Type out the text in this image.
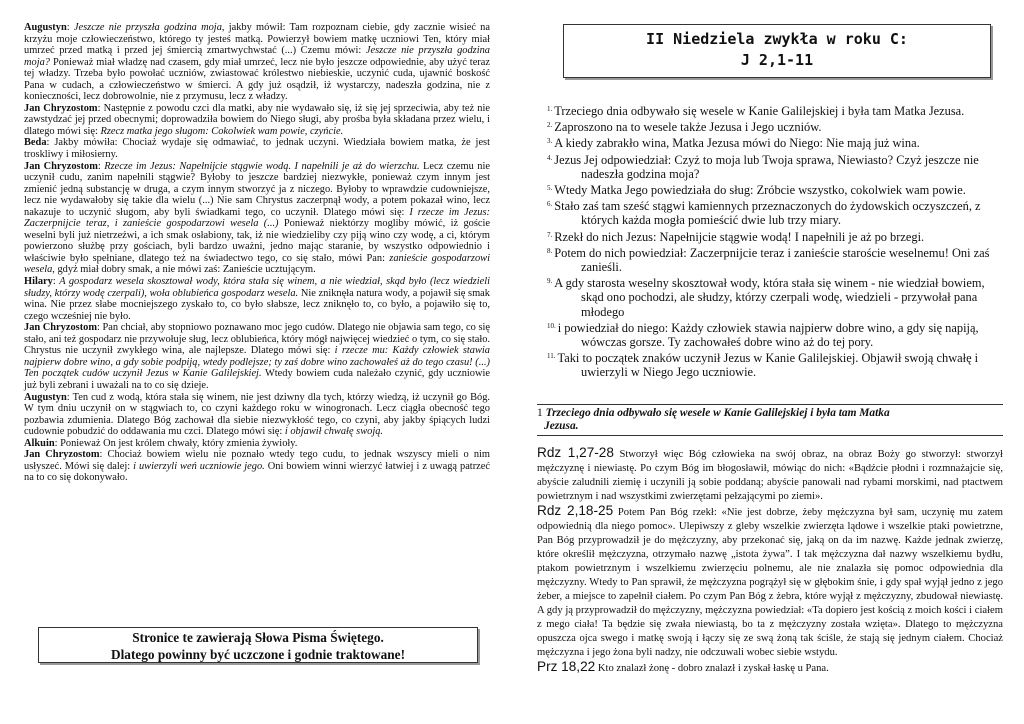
Augustyn: Jeszcze nie przyszła godzina moja, jakby mówił: Tam rozpoznam ciebie, gdy zacznie wisieć na krzyżu moje człowieczeństwo, którego ty jesteś matką. Powierzył bowiem matkę uczniowi Ten, który miał umrzeć przed matką i przed jej śmiercią zmartwychwstać (...) Czemu mówi: Jeszcze nie przyszła godzina moja? Ponieważ miał władzę nad czasem, gdy miał umrzeć, lecz nie było jeszcze odpowiednie, aby użyć teraz tej władzy. Trzeba było powołać uczniów, zwiastować królestwo niebieskie, uczynić cuda, ujawnić boskość Pana w cudach, a człowieczeństwo w śmierci. A gdy już osądził, iż wystarczy, nadeszła godzina, nie z konieczności, lecz dobrowolnie, nie z przymusu, lecz z władzy.

Jan Chryzostom: Następnie z powodu czci dla matki, aby nie wydawało się, iż się jej sprzeciwia, aby też nie zawstydzać jej przed obecnymi; doprowadziła bowiem do Niego sługi, aby prośba była składana przez wielu, i dlatego mówi się: Rzecz matka jego sługom: Cokolwiek wam powie, czyńcie.

Beda: Jakby mówiła: Chociaż wydaje się odmawiać, to jednak uczyni. Wiedziała bowiem matka, że jest troskliwy i miłosierny.

Jan Chryzostom: Rzecze im Jezus: Napełnijcie stągwie wodą. I napełnili je aż do wierzchu. Lecz czemu nie uczynił cudu, zanim napełnili stągwie? Byłoby to jeszcze bardziej niezwykłe, ponieważ czym innym jest zmienić jedną substancję w druga, a czym innym stworzyć ja z niczego. Byłoby to wprawdzie cudowniejsze, lecz nie wydawałoby się takie dla wielu (...) Nie sam Chrystus zaczerpnął wody, a potem pokazał wino, lecz nakazuje to uczynić sługom, aby byli świadkami tego, co uczynił. Dlatego mówi się: I rzecze im Jezus: Zaczerpnijcie teraz, i zanieście gospodarzowi wesela (...) Ponieważ niektórzy mogliby mówić, iż goście weselni byli już nietrzeźwi, a ich smak osłabiony, tak, iż nie wiedzieliby czy piją wino czy wodę, a ci, którym powierzono służbę przy gościach, byli bardzo uważni, jedno mając staranie, by wszystko odpowiednio i właściwie było spełniane, dlatego też na świadectwo tego, co się stało, mówi Pan: zanieście gospodarzowi wesela, gdyż miał dobry smak, a nie mówi zaś: Zanieście ucztującym.

Hilary: A gospodarz wesela skosztował wody, która stała się winem, a nie wiedział, skąd było (lecz wiedzieli słudzy, którzy wodę czerpali), woła oblubieńca gospodarz wesela. Nie zniknęła natura wody, a pojawił się smak wina. Nie przez słabe mocniejszego zyskało to, co było słabsze, lecz zniknęło to, co było, a pojawiło się to, czego wcześniej nie było.

Jan Chryzostom: Pan chciał, aby stopniowo poznawano moc jego cudów. Dlatego nie objawia sam tego, co się stało, ani też gospodarz nie przywołuje sług, lecz oblubieńca, który mógł najwięcej wiedzieć o tym, co się stało. Chrystus nie uczynił zwykłego wina, ale najlepsze. Dlatego mówi się: i rzecze mu: Każdy człowiek stawia najpierw dobre wino, a gdy sobie podpiją, wtedy podlejsze; ty zaś dobre wino zachowałeś aż do tego czasu! (...) Ten początek cudów uczynił Jezus w Kanie Galilejskiej. Wtedy bowiem cuda należało czynić, gdy uczniowie już byli zebrani i uważali na to co się dzieje.

Augustyn: Ten cud z wodą, która stała się winem, nie jest dziwny dla tych, którzy wiedzą, iż uczynił go Bóg. W tym dniu uczynił on w stągwiach to, co czyni każdego roku w winogronach. Lecz ciągła obecność tego pozbawia zdumienia. Dlatego Bóg zachował dla siebie niezwykłość tego, co czyni, aby jakby śpiących ludzi cudownie pobudzić do oddawania mu czci. Dlatego mówi się: i objawił chwałę swoją.

Alkuin: Ponieważ On jest królem chwały, który zmienia żywioły.

Jan Chryzostom: Chociaż bowiem wielu nie poznało wtedy tego cudu, to jednak wszyscy mieli o nim usłyszeć. Mówi się dalej: i uwierzyli weń uczniowie jego. Oni bowiem winni wierzyć łatwiej i z uwagą patrzeć na to co się dokonywało.

Stronice te zawierają Słowa Pisma Świętego.
Dlatego powinny być uczczone i godnie traktowane!
II Niedziela zwykła w roku C:
J 2,1-11

$^{1.}$ Trzeciego dnia odbywało się wesele w Kanie Galilejskiej i była tam Matka Jezusa.

$^{2.}$ Zaproszono na to wesele także Jezusa i Jego uczniów.

$^{3.}$ A kiedy zabrakło wina, Matka Jezusa mówi do Niego: Nie mają już wina.

$^{4.}$ Jezus Jej odpowiedział: Czyż to moja lub Twoja sprawa, Niewiasto? Czyż jeszcze nie nadeszła godzina moja?

$^{5.}$ Wtedy Matka Jego powiedziała do sług: Zróbcie wszystko, cokolwiek wam powie.

$^{6.}$ Stało zaś tam sześć stągwi kamiennych przeznaczonych do żydowskich oczyszczeń, z których każda mogła pomieścić dwie lub trzy miary.

$^{7.}$ Rzekł do nich Jezus: Napełnijcie stągwie wodą! I napełnili je aż po brzegi.

$^{8.}$ Potem do nich powiedział: Zaczerpnijcie teraz i zanieście staroście weselnemu! Oni zaś zanieśli.

$^{9.}$ A gdy starosta weselny skosztował wody, która stała się winem - nie wiedział bowiem, skąd ono pochodzi, ale słudzy, którzy czerpali wodę, wiedzieli - przywołał pana młodego

$^{10.}$ i powiedział do niego: Każdy człowiek stawia najpierw dobre wino, a gdy się napiją, wówczas gorsze. Ty zachowałeś dobre wino aż do tej pory.

$^{11.}$ Taki to początek znaków uczynił Jezus w Kanie Galilejskiej. Objawił swoją chwałę i uwierzyli w Niego Jego uczniowie.

1 Trzeciego dnia odbywało się wesele w Kanie Galilejskiej i była tam Matka
Jezusa.

Rdz 1,27-28 Stworzył więc Bóg człowieka na swój obraz, na obraz Boży go stworzył: stworzył mężczyznę i niewiastę. Po czym Bóg im błogosławił, mówiąc do nich: «Bądźcie płodni i rozmnażajcie się, abyście zaludnili ziemię i uczynili ją sobie poddaną; abyście panowali nad rybami morskimi, nad ptactwem powietrznym i nad wszystkimi zwierzętami pełzającymi po ziemi».

Rdz 2,18-25 Potem Pan Bóg rzekł: «Nie jest dobrze, żeby mężczyzna był sam, uczynię mu zatem odpowiednią dla niego pomoc». Ulepiwszy z gleby wszelkie zwierzęta lądowe i wszelkie ptaki powietrzne, Pan Bóg przyprowadził je do mężczyzny, aby przekonać się, jaką on da im nazwę. Każde jednak zwierzę, które określił mężczyzna, otrzymało nazwę „istota żywa”. I tak mężczyzna dał nazwy wszelkiemu bydłu, ptakom powietrznym i wszelkiemu zwierzęciu polnemu, ale nie znalazła się pomoc odpowiednia dla mężczyzny. Wtedy to Pan sprawił, że mężczyzna pogrążył się w głębokim śnie, i gdy spał wyjął jedno z jego żeber, a miejsce to zapełnił ciałem. Po czym Pan Bóg z żebra, które wyjął z mężczyzny, zbudował niewiastę. A gdy ją przyprowadził do mężczyzny, mężczyzna powiedział: «Ta dopiero jest kością z moich kości i ciałem z mego ciała! Ta będzie się zwała niewiastą, bo ta z mężczyzny została wzięta». Dlatego to mężczyzna opuszcza ojca swego i matkę swoją i łączy się ze swą żoną tak ściśle, że stają się jednym ciałem. Chociaż mężczyzna i jego żona byli nadzy, nie odczuwali wobec siebie wstydu.

Prz 18,22 Kto znalazł żonę - dobro znalazł i zyskał łaskę u Pana.
